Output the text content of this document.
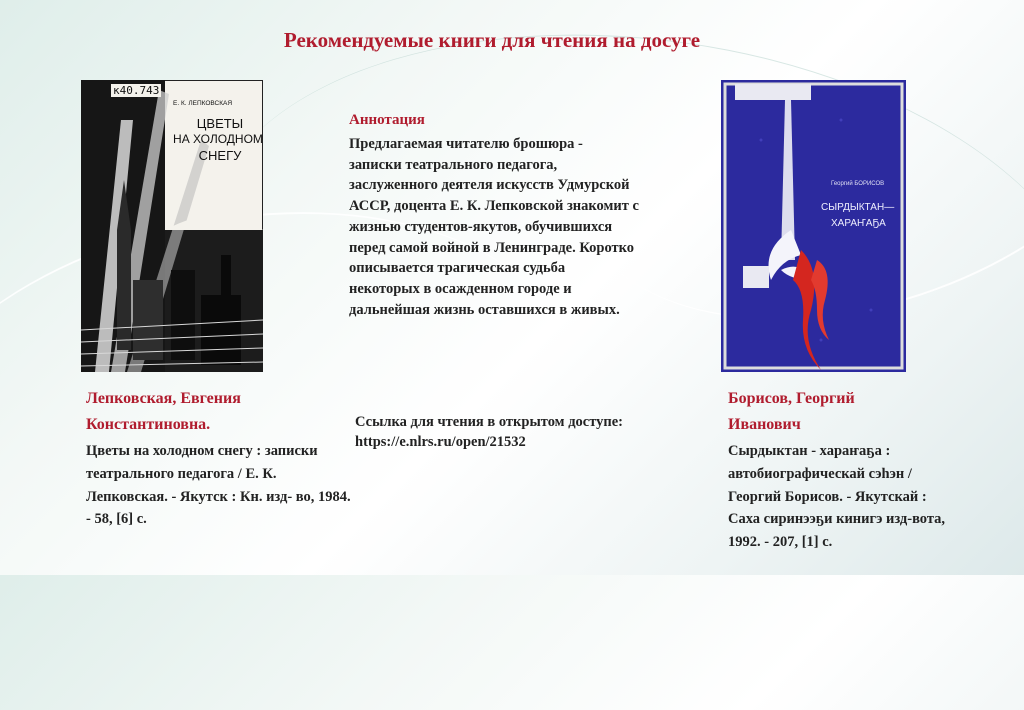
Рекомендуемые книги для чтения на досуге
к40.743
Е. К. ЛЕПКОВСКАЯ
ЦВЕТЫ
НА ХОЛОДНОМ
СНЕГУ
Георгий БОРИСОВ
СЫРДЫКТАН—
ХАРАҤАҔА
Аннотация
Предлагаемая читателю брошюра - записки театрального педагога, заслуженного деятеля искусств Удмурской АССР, доцента Е. К. Лепковской знакомит с жизнью студентов-якутов, обучившихся перед самой войной в Ленинграде. Коротко описывается трагическая судьба некоторых в осажденном городе и дальнейшая жизнь оставшихся в живых.
Лепковская, Евгения
Константиновна.
Цветы на холодном снегу : записки театрального педагога / Е. К. Лепковская. - Якутск : Кн. изд- во, 1984. - 58, [6] с.
Ссылка для чтения в открытом доступе:
https://e.nlrs.ru/open/21532
Борисов, Георгий
Иванович
Сырдыктан - хараҥаҕа : автобиографическай сэһэн / Георгий Борисов. - Якутскай : Саха сиринээҕи кинигэ изд-вота, 1992. - 207, [1] с.
